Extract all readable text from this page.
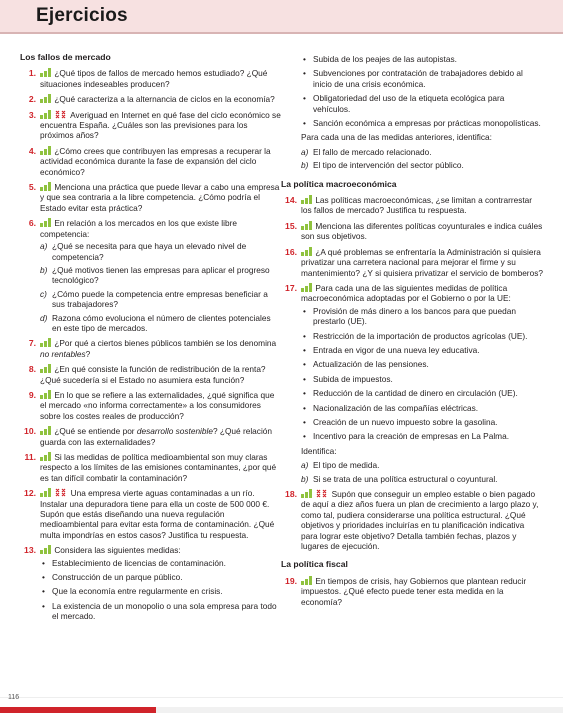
Ejercicios
Los fallos de mercado
1. ¿Qué tipos de fallos de mercado hemos estudiado? ¿Qué situaciones indeseables producen?
2. ¿Qué caracteriza a la alternancia de ciclos en la economía?
3.
	Averiguad en Internet en qué fase del ciclo económico se encuentra España. ¿Cuáles son las previsiones para los próximos años?
4. ¿Cómo crees que contribuyen las empresas a recuperar la actividad económica durante la fase de expansión del ciclo económico?
5. Menciona una práctica que puede llevar a cabo una empresa y que sea contraria a la libre competencia. ¿Cómo podría el Estado evitar esta práctica?
6. En relación a los mercados en los que existe libre competencia:
a) ¿Qué se necesita para que haya un elevado nivel de competencia?
b) ¿Qué motivos tienen las empresas para aplicar el progreso tecnológico?
c) ¿Cómo puede la competencia entre empresas beneficiar a sus trabajadores?
d) Razona cómo evoluciona el número de clientes potenciales en este tipo de mercados.
7. ¿Por qué a ciertos bienes públicos también se los denomina no rentables?
8. ¿En qué consiste la función de redistribución de la renta? ¿Qué sucedería si el Estado no asumiera esta función?
9. En lo que se refiere a las externalidades, ¿qué significa que el mercado «no informa correctamente» a los consumidores sobre los costes reales de producción?
10. ¿Qué se entiende por desarrollo sostenible? ¿Qué relación guarda con las externalidades?
11. Si las medidas de política medioambiental son muy claras respecto a los límites de las emisiones contaminantes, ¿por qué es tan difícil combatir la contaminación?
12.
	Una empresa vierte aguas contaminadas a un río. Instalar una depuradora tiene para ella un coste de 500 000 €. Supón que estás diseñando una nueva regulación medioambiental para evitar esta forma de contaminación. ¿Qué multa impondrías en estos casos? Justifica tu respuesta.
13. Considera las siguientes medidas:
• Establecimiento de licencias de contaminación.
• Construcción de un parque público.
• Que la economía entre regularmente en crisis.
• La existencia de un monopolio o una sola empresa para todo el mercado.
• Subida de los peajes de las autopistas.
• Subvenciones por contratación de trabajadores debido al inicio de una crisis económica.
• Obligatoriedad del uso de la etiqueta ecológica para vehículos.
• Sanción económica a empresas por prácticas monopolísticas.
Para cada una de las medidas anteriores, identifica:
a) El fallo de mercado relacionado.
b) El tipo de intervención del sector público.
La política macroeconómica
14. Las políticas macroeconómicas, ¿se limitan a contrarrestar los fallos de mercado? Justifica tu respuesta.
15. Menciona las diferentes políticas coyunturales e indica cuáles son sus objetivos.
16. ¿A qué problemas se enfrentaría la Administración si quisiera privatizar una carretera nacional para mejorar el firme y su mantenimiento? ¿Y si quisiera privatizar el servicio de bomberos?
17. Para cada una de las siguientes medidas de política macroeconómica adoptadas por el Gobierno o por la UE:
• Provisión de más dinero a los bancos para que puedan prestarlo (UE).
• Restricción de la importación de productos agrícolas (UE).
• Entrada en vigor de una nueva ley educativa.
• Actualización de las pensiones.
• Subida de impuestos.
• Reducción de la cantidad de dinero en circulación (UE).
• Nacionalización de las compañías eléctricas.
• Creación de un nuevo impuesto sobre la gasolina.
• Incentivo para la creación de empresas en La Palma.
Identifica:
a) El tipo de medida.
b) Si se trata de una política estructural o coyuntural.
18.
	Supón que conseguir un empleo estable o bien pagado de aquí a diez años fuera un plan de crecimiento a largo plazo y, como tal, pudiera considerarse una política estructural. ¿Qué objetivos y prioridades incluirías en tu planificación indicativa para lograr este objetivo? Detalla también fechas, plazos y lugares de ejecución.
La política fiscal
19. En tiempos de crisis, hay Gobiernos que plantean reducir impuestos. ¿Qué efecto puede tener esta medida en la economía?
116
